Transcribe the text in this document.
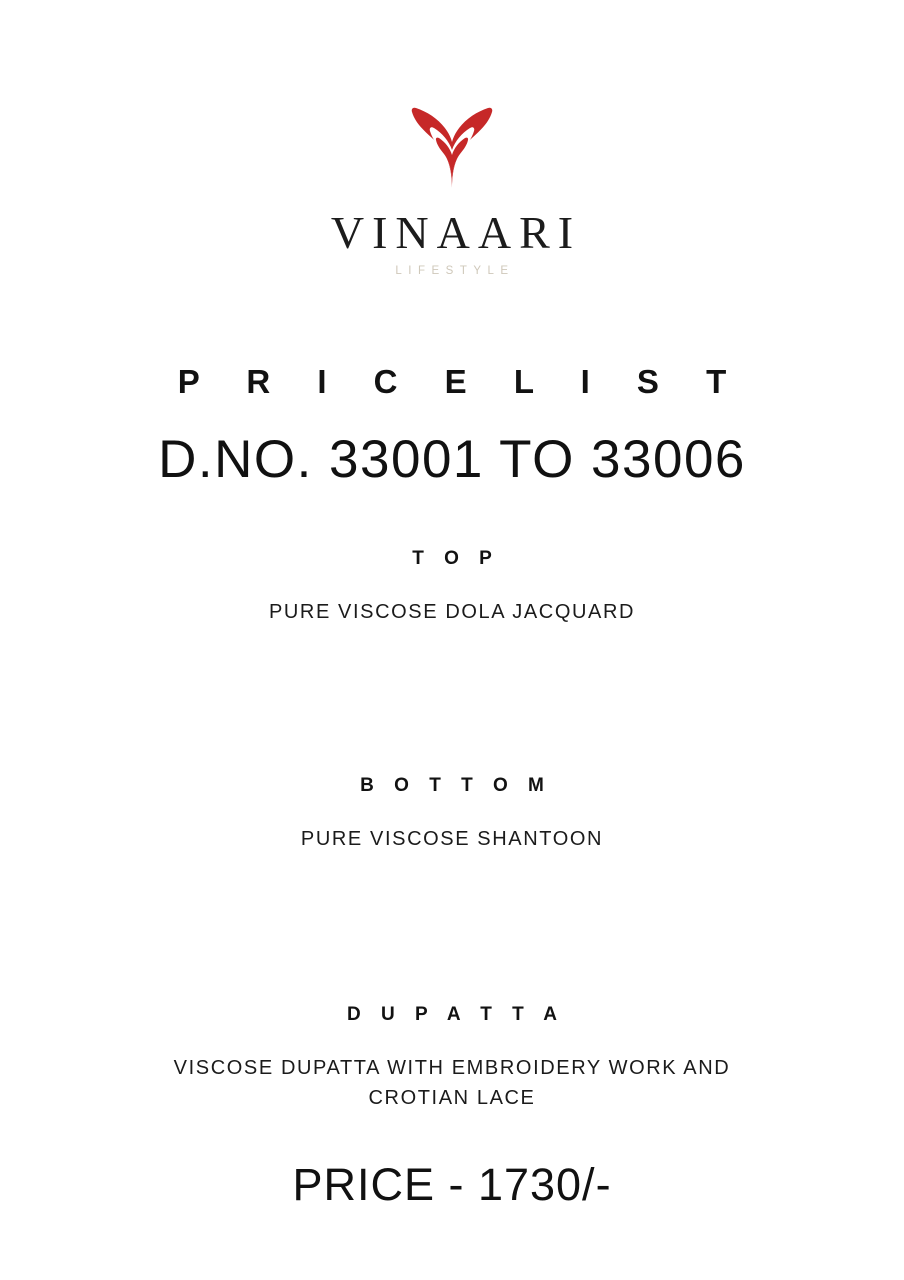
VINAARI
LIFESTYLE
P R I C E L I S T
D.NO. 33001 TO 33006
T O P
PURE VISCOSE DOLA JACQUARD
B O T T O M
PURE VISCOSE SHANTOON
D U P A T T A
VISCOSE DUPATTA WITH EMBROIDERY WORK AND CROTIAN LACE
PRICE - 1730/-
